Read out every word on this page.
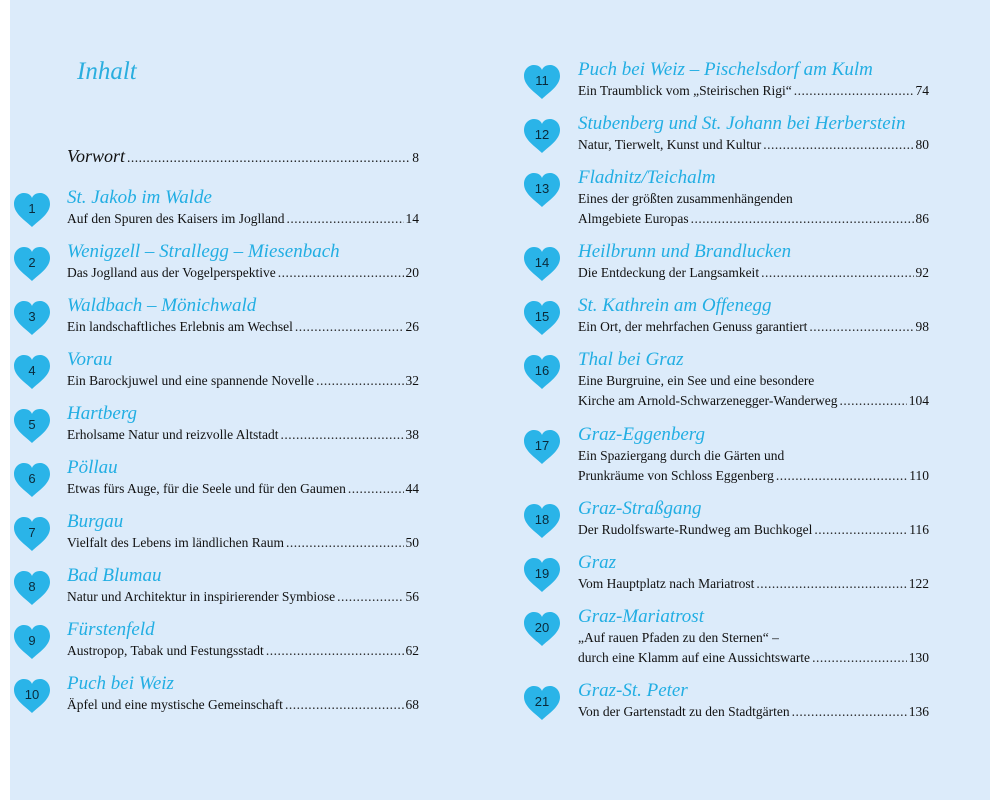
Inhalt
Vorwort .....	8
1
St. Jakob im Walde
Auf den Spuren des Kaisers im Joglland .....	14
2
Wenigzell – Strallegg – Miesenbach
Das Joglland aus der Vogelperspektive .....	20
3
Waldbach – Mönichwald
Ein landschaftliches Erlebnis am Wechsel .....	26
4
Vorau
Ein Barockjuwel und eine spannende Novelle .....	32
5
Hartberg
Erholsame Natur und reizvolle Altstadt .....	38
6
Pöllau
Etwas fürs Auge, für die Seele und für den Gaumen .....	44
7
Burgau
Vielfalt des Lebens im ländlichen Raum .....	50
8
Bad Blumau
Natur und Architektur in inspirierender Symbiose .....	56
9
Fürstenfeld
Austropop, Tabak und Festungsstadt .....	62
10
Puch bei Weiz
Äpfel und eine mystische Gemeinschaft .....	68
11
Puch bei Weiz – Pischelsdorf am Kulm
Ein Traumblick vom „Steirischen Rigi“ .....	74
12
Stubenberg und St. Johann bei Herberstein
Natur, Tierwelt, Kunst und Kultur .....	80
13
Fladnitz/Teichalm
Eines der größten zusammenhängenden
Almgebiete Europas .....	86
14
Heilbrunn und Brandlucken
Die Entdeckung der Langsamkeit .....	92
15
St. Kathrein am Offenegg
Ein Ort, der mehrfachen Genuss garantiert .....	98
16
Thal bei Graz
Eine Burgruine, ein See und eine besondere
Kirche am Arnold-Schwarzenegger-Wanderweg .....	104
17
Graz-Eggenberg
Ein Spaziergang durch die Gärten und
Prunkräume von Schloss Eggenberg .....	110
18
Graz-Straßgang
Der Rudolfswarte-Rundweg am Buchkogel .....	116
19
Graz
Vom Hauptplatz nach Mariatrost .....	122
20
Graz-Mariatrost
„Auf rauen Pfaden zu den Sternen“ –
durch eine Klamm auf eine Aussichtswarte .....	130
21
Graz-St. Peter
Von der Gartenstadt zu den Stadtgärten .....	136
